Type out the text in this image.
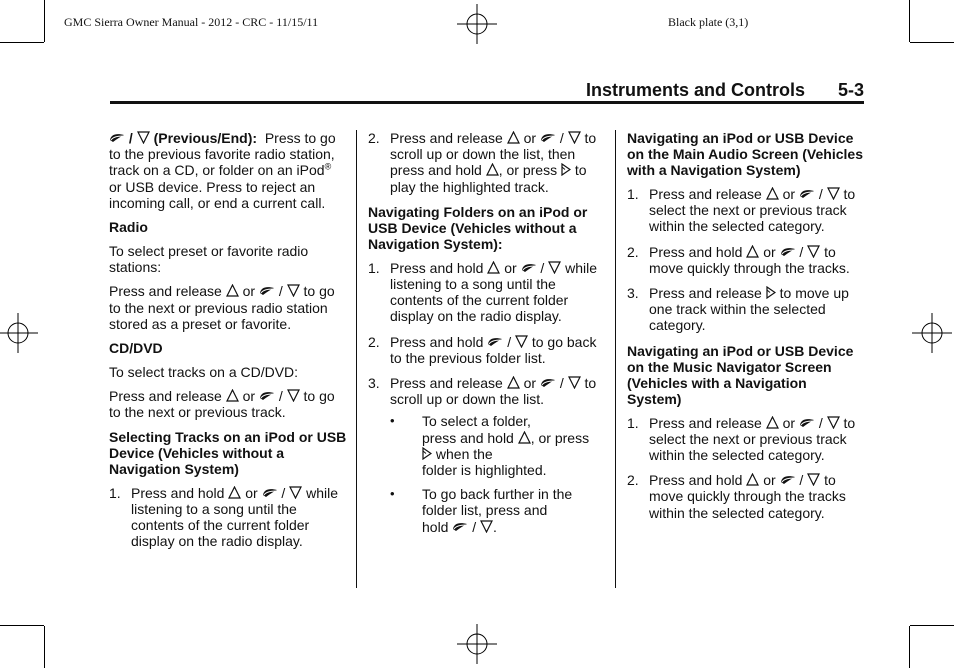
GMC Sierra Owner Manual - 2012 - CRC - 11/15/11	Black plate (3,1)
Instruments and Controls 5-3

/ (Previous/End): Press to go to the previous favorite radio station, track on a CD, or folder on an iPod® or USB device. Press to reject an incoming call, or end a current call.

Radio

To select preset or favorite radio stations:

Press and release or / to go to the next or previous radio station stored as a preset or favorite.

CD/DVD

To select tracks on a CD/DVD:

Press and release or / to go to the next or previous track.

Selecting Tracks on an iPod or USB Device (Vehicles without a Navigation System)
1. Press and hold or / while listening to a song until the contents of the current folder display on the radio display.
2. Press and release or / to scroll up or down the list, then press and hold , or press to play the highlighted track.
Navigating Folders on an iPod or USB Device (Vehicles without a Navigation System):
1. Press and hold or / while listening to a song until the contents of the current folder display on the radio display.
2. Press and hold / to go back to the previous folder list.
3. Press and release or / to scroll up or down the list.
• To select a folder,
press and hold , or press
when the
folder is highlighted.
• To go back further in the folder list, press and
hold / .
Navigating an iPod or USB Device on the Main Audio Screen (Vehicles with a Navigation System)
1. Press and release or / to select the next or previous track within the selected category.
2. Press and hold or / to move quickly through the tracks.
3. Press and release to move up one track within the selected category.
Navigating an iPod or USB Device on the Music Navigator Screen (Vehicles with a Navigation System)
1. Press and release or / to select the next or previous track within the selected category.
2. Press and hold or / to move quickly through the tracks within the selected category.
